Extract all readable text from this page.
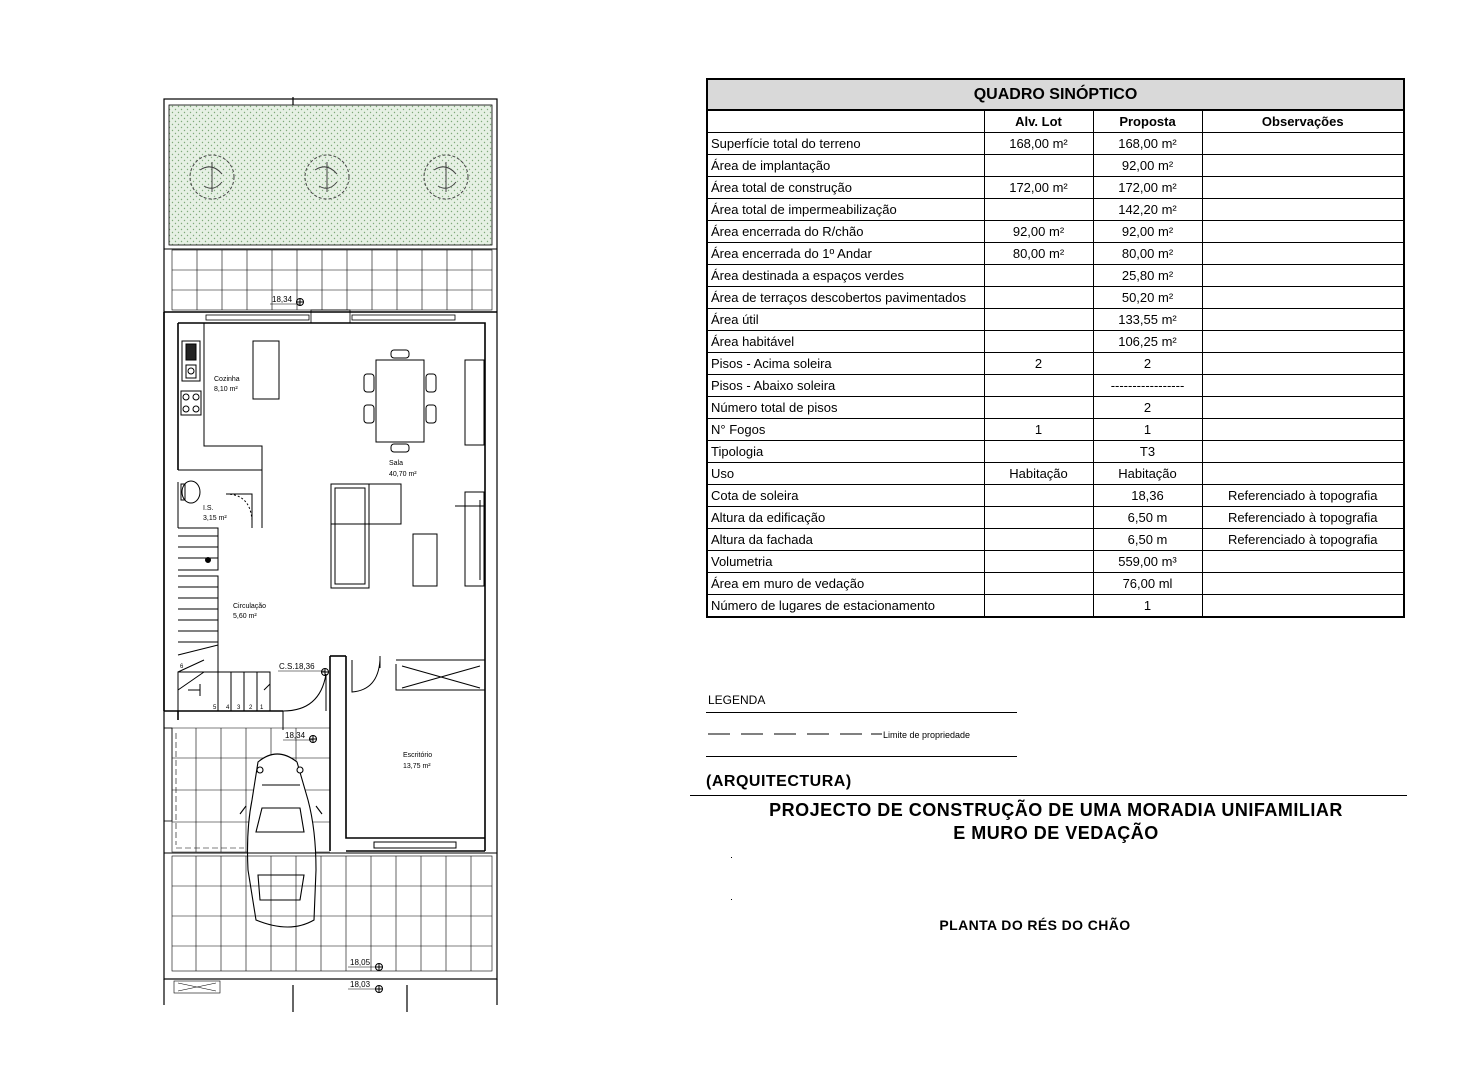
6
5 4 3 2 1
18,34
C.S.18,36
18,34
18,05
18,03
Cozinha
8,10 m²
Sala
40,70 m²
I.S.
3,15 m²
Circulação
5,60 m²
Escritório
13,75 m²
QUADRO SINÓPTICO			
	Alv. Lot	Proposta	Observações
Superfície total do terreno	168,00 m²	168,00 m²	
Área de implantação		92,00 m²	
Área total de construção	172,00 m²	172,00 m²	
Área total de impermeabilização		142,20 m²	
Área encerrada do R/chão	92,00 m²	92,00 m²	
Área encerrada do 1º Andar	80,00 m²	80,00 m²	
Área destinada a espaços verdes		25,80 m²	
Área de terraços descobertos pavimentados		50,20 m²	
Área útil		133,55 m²	
Área habitável		106,25 m²	
Pisos - Acima soleira	2	2	
Pisos - Abaixo soleira		-----------------	
Número total de pisos		2	
N° Fogos	1	1	
Tipologia		T3	
Uso	Habitação	Habitação	
Cota de soleira		18,36	Referenciado à topografia
Altura da edificação		6,50 m	Referenciado à topografia
Altura da fachada		6,50 m	Referenciado à topografia
Volumetria		559,00 m³	
Área em muro de vedação		76,00 ml	
Número de lugares de estacionamento		1	
LEGENDA
Limite de propriedade
(ARQUITECTURA)
PROJECTO DE CONSTRUÇÃO DE UMA MORADIA UNIFAMILIAR
E MURO DE VEDAÇÃO
PLANTA DO RÉS DO CHÃO
